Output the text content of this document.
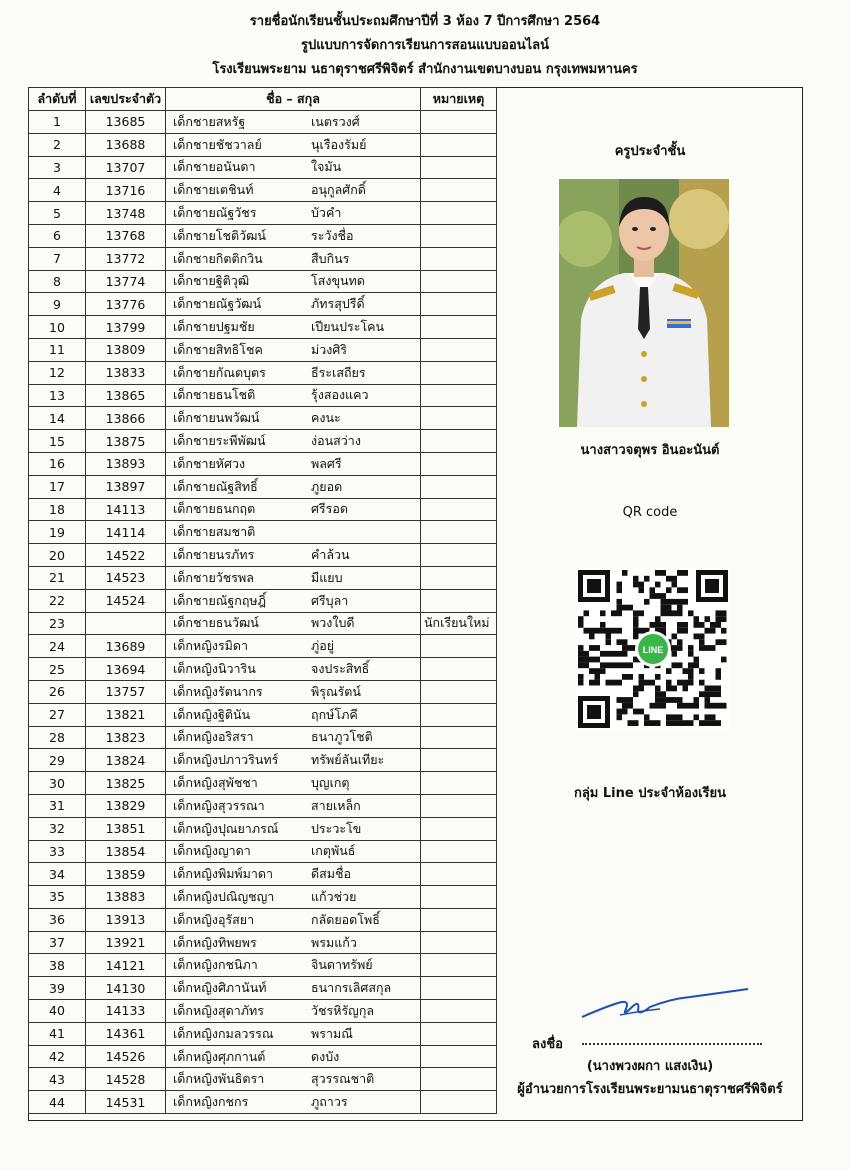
รายชื่อนักเรียนชั้นประถมศึกษาปีที่ 3 ห้อง 7 ปีการศึกษา 2564
รูปแบบการจัดการเรียนการสอนแบบออนไลน์
โรงเรียนพระยาม นธาตุราชศรีพิจิตร์ สำนักงานเขตบางบอน กรุงเทพมหานคร
ลำดับที่	เลขประจำตัว	ชื่อ – สกุล	หมายเหตุ
1	13685	เด็กชายสหรัฐ เนตรวงศ์	
2	13688	เด็กชายชัชวาลย์ นุเรืองรัมย์	
3	13707	เด็กชายอนันดา ใจมัน	
4	13716	เด็กชายเตชินท์ อนุกูลศักดิ์	
5	13748	เด็กชายณัฐวัชร บัวคำ	
6	13768	เด็กชายโชติวัฒน์ ระวังชื่อ	
7	13772	เด็กชายกิตติกวิน สืบกินร	
8	13774	เด็กชายฐิติวุฒิ โสงขุนทด	
9	13776	เด็กชายณัฐวัฒน์ ภัทรสุปรีดิ์	
10	13799	เด็กชายปฐมชัย เปียนประโคน	
11	13809	เด็กชายสิทธิโชค ม่วงศิริ	
12	13833	เด็กชายกัณตบุตร ธีระเสถียร	
13	13865	เด็กชายธนโชติ รุ้งสองแคว	
14	13866	เด็กชายนพวัฒน์ คงนะ	
15	13875	เด็กชายระพีพัฒน์ ง่อนสว่าง	
16	13893	เด็กชายหัศวง พลศรี	
17	13897	เด็กชายณัฐสิทธิ์ ภูยอด	
18	14113	เด็กชายธนกฤต ศรีรอด	
19	14114	เด็กชายสมชาติ	
20	14522	เด็กชายนรภัทร คำล้วน	
21	14523	เด็กชายวัชรพล มีแยบ	
22	14524	เด็กชายณัฐกฤษฎิ์ ศรีบุลา	
23		เด็กชายธนวัฒน์ พวงใบดี	นักเรียนใหม่
24	13689	เด็กหญิงรมิดา ภู่อยู่	
25	13694	เด็กหญิงนิวาริน จงประสิทธิ์	
26	13757	เด็กหญิงรัตนากร พิรุณรัตน์	
27	13821	เด็กหญิงฐิตินัน ฤกษ์โภคี	
28	13823	เด็กหญิงอริสรา ธนาภูวโชติ	
29	13824	เด็กหญิงปภาวรินทร์ ทรัพย์ลันเทียะ	
30	13825	เด็กหญิงสุพัชชา บุญเกตุ	
31	13829	เด็กหญิงสุวรรณา สายเหล็ก	
32	13851	เด็กหญิงปุณยาภรณ์ ประวะโข	
33	13854	เด็กหญิงญาดา เกตุพันธ์	
34	13859	เด็กหญิงพิมพ์มาดา ดีสมชื่อ	
35	13883	เด็กหญิงปณิญชญา แก้วช่วย	
36	13913	เด็กหญิงอุรัสยา กลัดยอดโพธิ์	
37	13921	เด็กหญิงทิพยพร พรมแก้ว	
38	14121	เด็กหญิงกชนิภา จินดาทรัพย์	
39	14130	เด็กหญิงศิภานันท์ ธนากรเลิศสกุล	
40	14133	เด็กหญิงสุดาภัทร วัชรหิรัญกุล	
41	14361	เด็กหญิงกมลวรรณ พรามณี	
42	14526	เด็กหญิงศุภกานต์ ดงบัง	
43	14528	เด็กหญิงพันธิตรา สุวรรณชาติ	
44	14531	เด็กหญิงกชกร ภูถาวร	
ครูประจำชั้น
นางสาวจตุพร อินอะนันต์
QR code
LINE
กลุ่ม Line ประจำห้องเรียน
ลงชื่อ
(นางพวงผกา แสงเงิน)
ผู้อำนวยการโรงเรียนพระยามนธาตุราชศรีพิจิตร์
